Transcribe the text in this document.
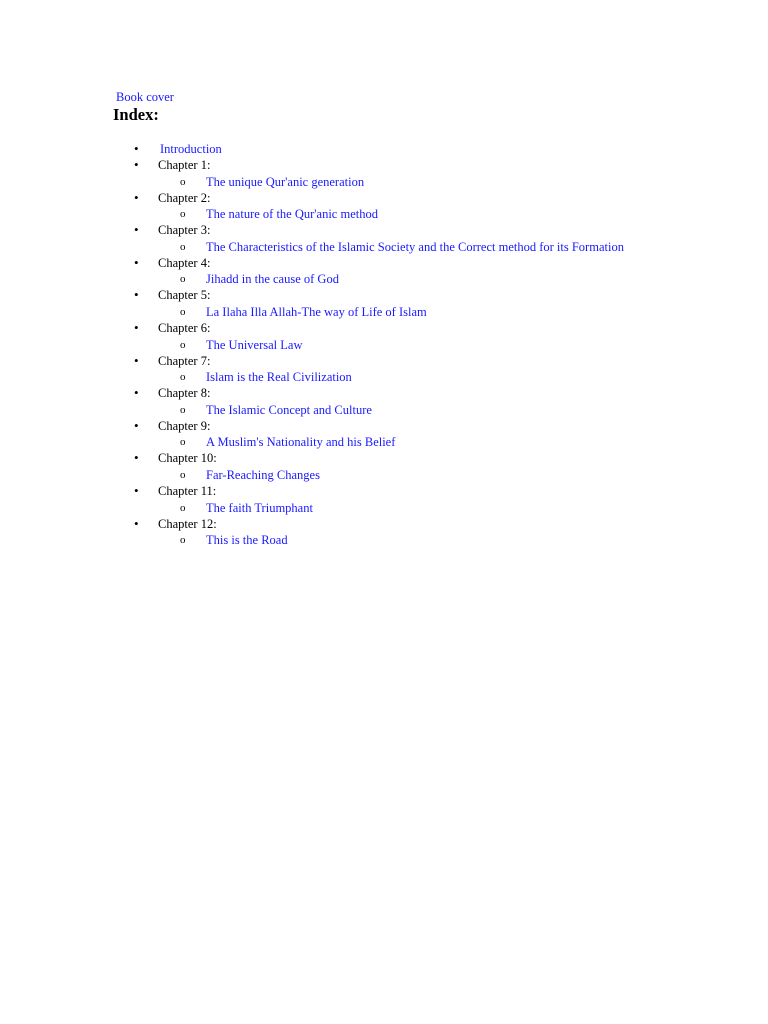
Book cover
Index:
• Introduction
• Chapter 1:
o The unique Qur'anic generation
• Chapter 2:
o The nature of the Qur'anic method
• Chapter 3:
o The Characteristics of the Islamic Society and the Correct method for its Formation
• Chapter 4:
o Jihadd in the cause of God
• Chapter 5:
o La Ilaha Illa Allah-The way of Life of Islam
• Chapter 6:
o The Universal Law
• Chapter 7:
o Islam is the Real Civilization
• Chapter 8:
o The Islamic Concept and Culture
• Chapter 9:
o A Muslim's Nationality and his Belief
• Chapter 10:
o Far-Reaching Changes
• Chapter 11:
o The faith Triumphant
• Chapter 12:
o This is the Road
